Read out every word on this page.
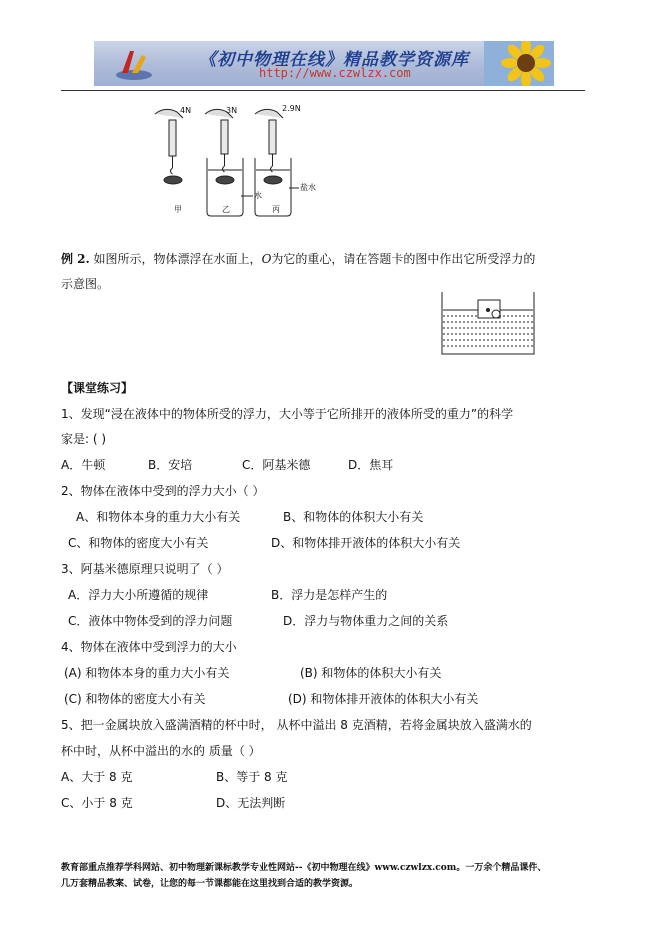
《初中物理在线》精品教学资源库
http://www.czwlzx.com
4N	3N	2.9N
水
盐水
甲	乙	丙
例 2. 如图所示，物体漂浮在水面上，O为它的重心，请在答题卡的图中作出它所受浮力的
示意图。
【课堂练习】
1、发现“浸在液体中的物体所受的浮力，大小等于它所排开的液体所受的重力”的科学
家是: ( )
A．牛顿	B．安培	C．阿基米德	D．焦耳
2、物体在液体中受到的浮力大小（ ）
A、和物体本身的重力大小有关	B、和物体的体积大小有关
C、和物体的密度大小有关	D、和物体排开液体的体积大小有关
3、阿基米德原理只说明了（ ）
A．浮力大小所遵循的规律	B．浮力是怎样产生的
C．液体中物体受到的浮力问题	D．浮力与物体重力之间的关系
4、物体在液体中受到浮力的大小
(A) 和物体本身的重力大小有关	(B) 和物体的体积大小有关
(C) 和物体的密度大小有关	(D) 和物体排开液体的体积大小有关
5、把一金属块放入盛满酒精的杯中时， 从杯中溢出 8 克酒精，若将金属块放入盛满水的
杯中时，从杯中溢出的水的 质量（ ）
A、大于 8 克	B、等于 8 克
C、小于 8 克	D、无法判断
教育部重点推荐学科网站、初中物理新课标教学专业性网站--《初中物理在线》www.czwlzx.com。一万余个精品课件、
几万套精品教案、试卷，让您的每一节课都能在这里找到合适的教学资源。
